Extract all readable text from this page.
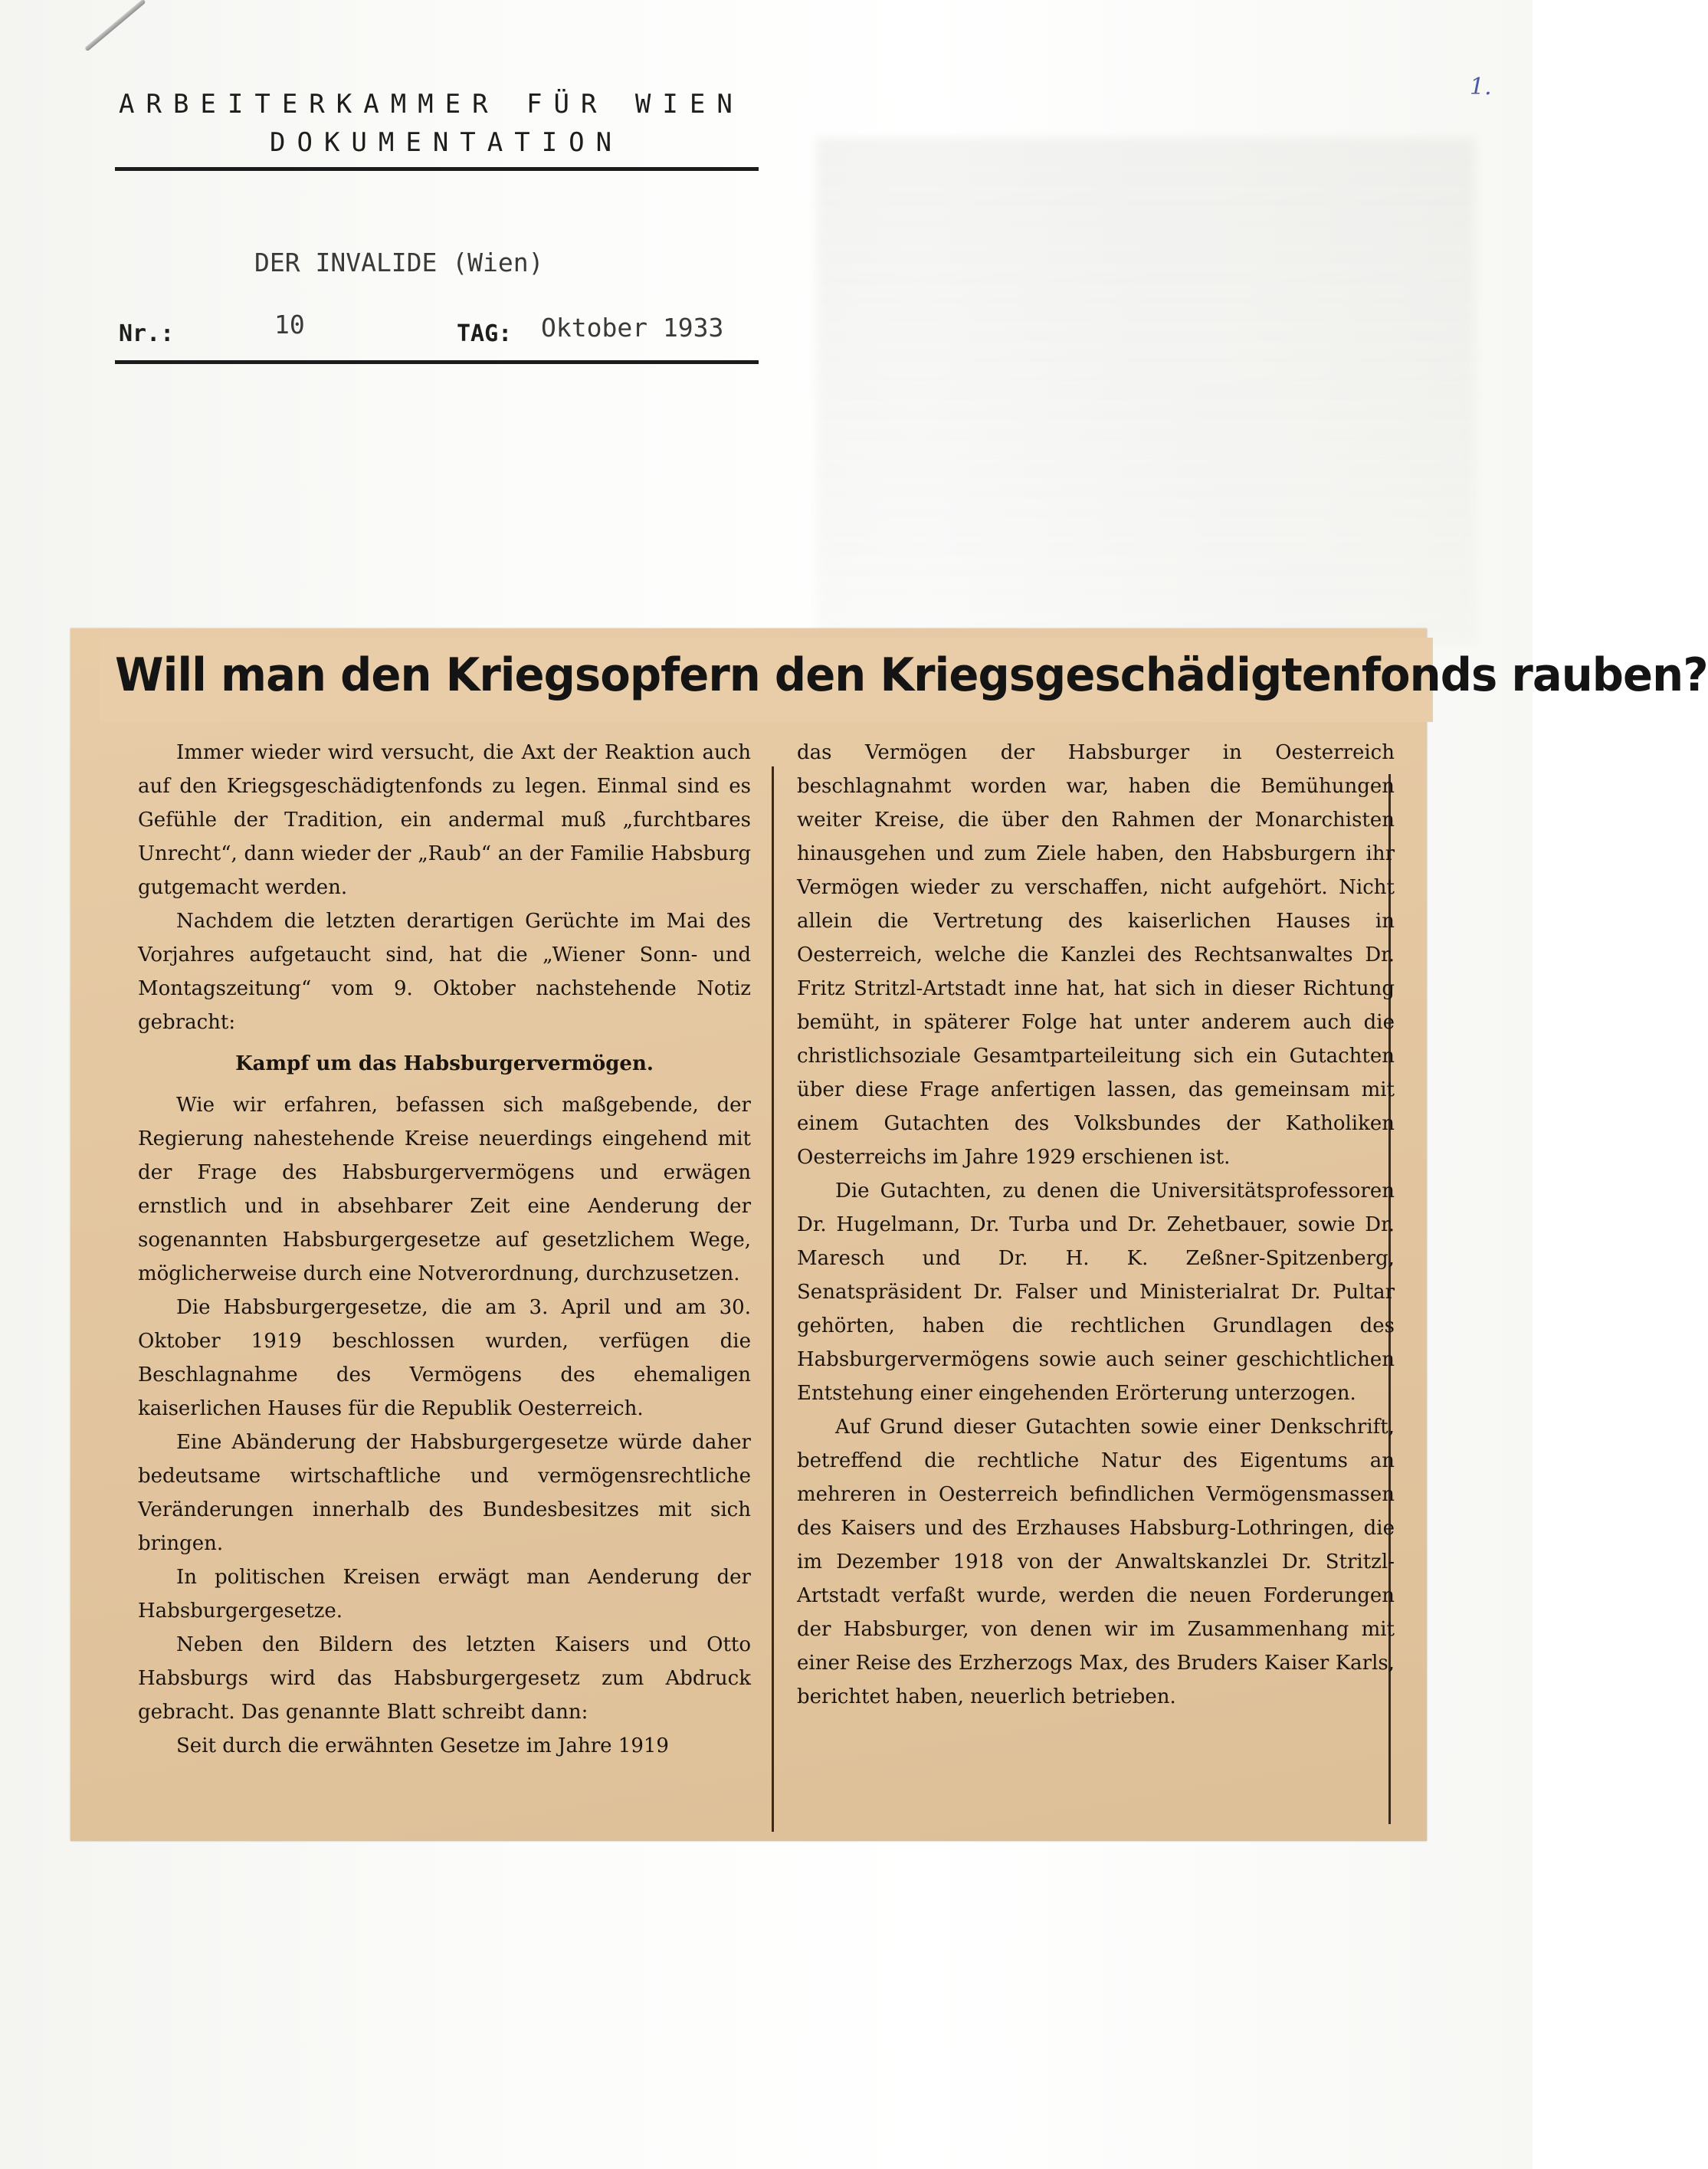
1.
ARBEITERKAMMER FÜR WIEN
DOKUMENTATION
DER INVALIDE (Wien)
Nr.:	10	TAG:	Oktober 1933
Will man den Kriegsopfern den Kriegsgeschädigtenfonds rauben?

Immer wieder wird versucht, die Axt der Reaktion auch auf den Kriegsgeschädigtenfonds zu legen. Einmal sind es Gefühle der Tradition, ein andermal muß „furchtbares Unrecht“, dann wieder der „Raub“ an der Familie Habsburg gutgemacht werden.

Nachdem die letzten derartigen Gerüchte im Mai des Vorjahres aufgetaucht sind, hat die „Wiener Sonn- und Montagszeitung“ vom 9. Oktober nachstehende Notiz gebracht:

Kampf um das Habsburgervermögen.

Wie wir erfahren, befassen sich maßgebende, der Regierung nahestehende Kreise neuerdings eingehend mit der Frage des Habsburgervermögens und erwägen ernstlich und in absehbarer Zeit eine Aenderung der sogenannten Habsburgergesetze auf gesetzlichem Wege, möglicherweise durch eine Notverordnung, durchzusetzen.

Die Habsburgergesetze, die am 3. April und am 30. Oktober 1919 beschlossen wurden, verfügen die Beschlagnahme des Vermögens des ehemaligen kaiserlichen Hauses für die Republik Oesterreich.

Eine Abänderung der Habsburgergesetze würde daher bedeutsame wirtschaftliche und vermögensrechtliche Veränderungen innerhalb des Bundesbesitzes mit sich bringen.

In politischen Kreisen erwägt man Aenderung der Habsburgergesetze.

Neben den Bildern des letzten Kaisers und Otto Habsburgs wird das Habsburgergesetz zum Abdruck gebracht. Das genannte Blatt schreibt dann:

Seit durch die erwähnten Gesetze im Jahre 1919

das Vermögen der Habsburger in Oesterreich beschlagnahmt worden war, haben die Bemühungen weiter Kreise, die über den Rahmen der Monarchisten hinausgehen und zum Ziele haben, den Habsburgern ihr Vermögen wieder zu verschaffen, nicht aufgehört. Nicht allein die Vertretung des kaiserlichen Hauses in Oesterreich, welche die Kanzlei des Rechtsanwaltes Dr. Fritz Stritzl-Artstadt inne hat, hat sich in dieser Richtung bemüht, in späterer Folge hat unter anderem auch die christlichsoziale Gesamtparteileitung sich ein Gutachten über diese Frage anfertigen lassen, das gemeinsam mit einem Gutachten des Volksbundes der Katholiken Oesterreichs im Jahre 1929 erschienen ist.

Die Gutachten, zu denen die Universitätsprofessoren Dr. Hugelmann, Dr. Turba und Dr. Zehetbauer, sowie Dr. Maresch und Dr. H. K. Zeßner-Spitzenberg, Senatspräsident Dr. Falser und Ministerialrat Dr. Pultar gehörten, haben die rechtlichen Grundlagen des Habsburgervermögens sowie auch seiner geschichtlichen Entstehung einer eingehenden Erörterung unterzogen.

Auf Grund dieser Gutachten sowie einer Denkschrift, betreffend die rechtliche Natur des Eigentums an mehreren in Oesterreich befindlichen Vermögensmassen des Kaisers und des Erzhauses Habsburg-Lothringen, die im Dezember 1918 von der Anwaltskanzlei Dr. Stritzl-Artstadt verfaßt wurde, werden die neuen Forderungen der Habsburger, von denen wir im Zusammenhang mit einer Reise des Erzherzogs Max, des Bruders Kaiser Karls, berichtet haben, neuerlich betrieben.
